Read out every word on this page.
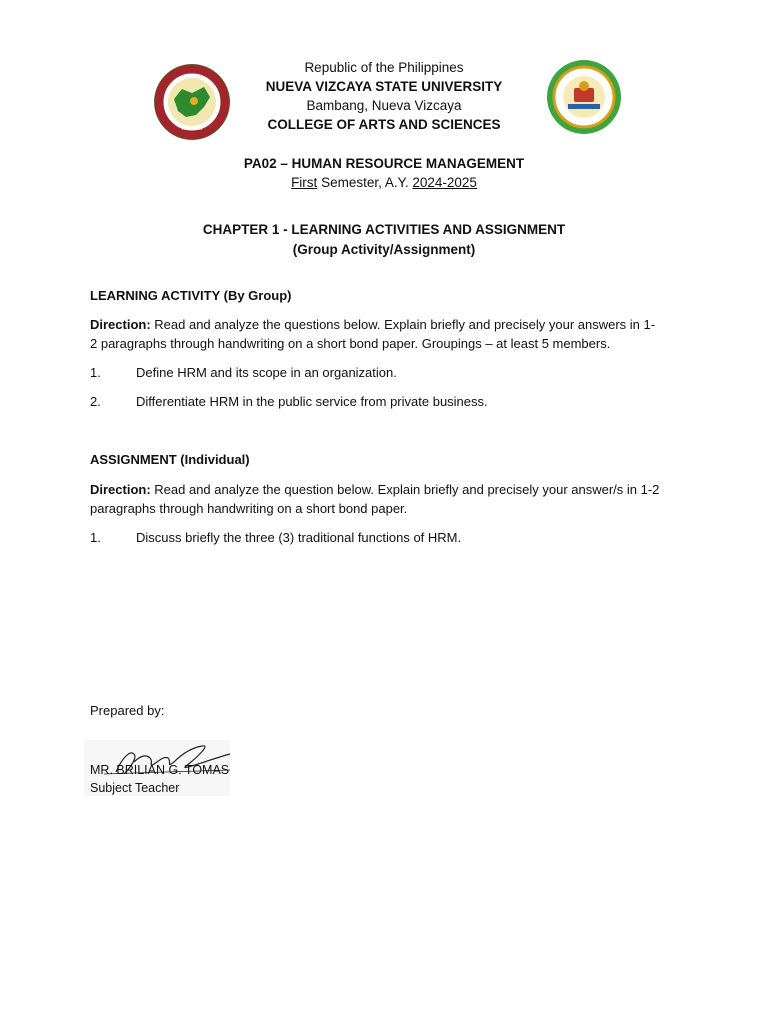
★1916★
Republic of the Philippines
NUEVA VIZCAYA STATE UNIVERSITY
Bambang, Nueva Vizcaya
COLLEGE OF ARTS AND SCIENCES
PA02 – HUMAN RESOURCE MANAGEMENT
First Semester, A.Y. 2024-2025
CHAPTER 1 - LEARNING ACTIVITIES AND ASSIGNMENT
(Group Activity/Assignment)
LEARNING ACTIVITY (By Group)
Direction: Read and analyze the questions below. Explain briefly and precisely your answers in 1-2 paragraphs through handwriting on a short bond paper. Groupings – at least 5 members.
1.	Define HRM and its scope in an organization.
2.	Differentiate HRM in the public service from private business.
ASSIGNMENT (Individual)
Direction: Read and analyze the question below. Explain briefly and precisely your answer/s in 1-2 paragraphs through handwriting on a short bond paper.
1.	Discuss briefly the three (3) traditional functions of HRM.
Prepared by:
MR. BRILIAN G. TOMAS
Subject Teacher
